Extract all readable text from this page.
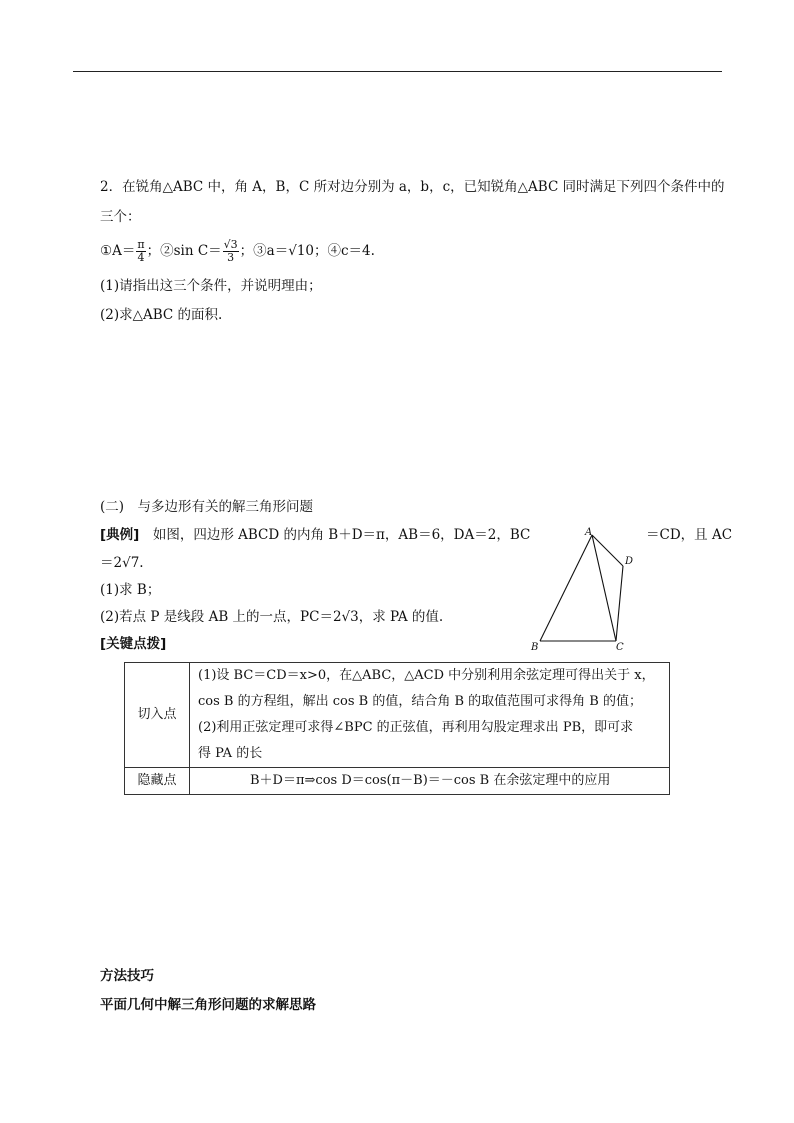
2．在锐角△ABC 中，角 A，B，C 所对边分别为 a，b，c，已知锐角△ABC 同时满足下列四个条件中的
三个：
①A＝ $\frac{\pi}{4}$ ；②sin $C= \frac{√3}{3}$ ；③a＝√10；④c＝4.
(1)请指出这三个条件，并说明理由；
(2)求△ABC 的面积.
(二)　与多边形有关的解三角形问题
[典例]　如图，四边形 ABCD 的内角 B＋D＝π，AB＝6，DA＝2，BC	＝CD，且 AC
＝2√7.
(1)求 B；
(2)若点 P 是线段 AB 上的一点，PC＝2√3，求 PA 的值.
[关键点拨]
A
D
B	C
切入点	(1)设 BC＝CD＝x>0，在△ABC，△ACD 中分别利用余弦定理可得出关于 x，
cos B 的方程组，解出 cos B 的值，结合角 B 的取值范围可求得角 B 的值；
(2)利用正弦定理可求得∠BPC 的正弦值，再利用勾股定理求出 PB，即可求
得 PA 的长

隐藏点	B＋D＝π⇒cos D＝cos(π－B)＝－cos B 在余弦定理中的应用
方法技巧
平面几何中解三角形问题的求解思路
